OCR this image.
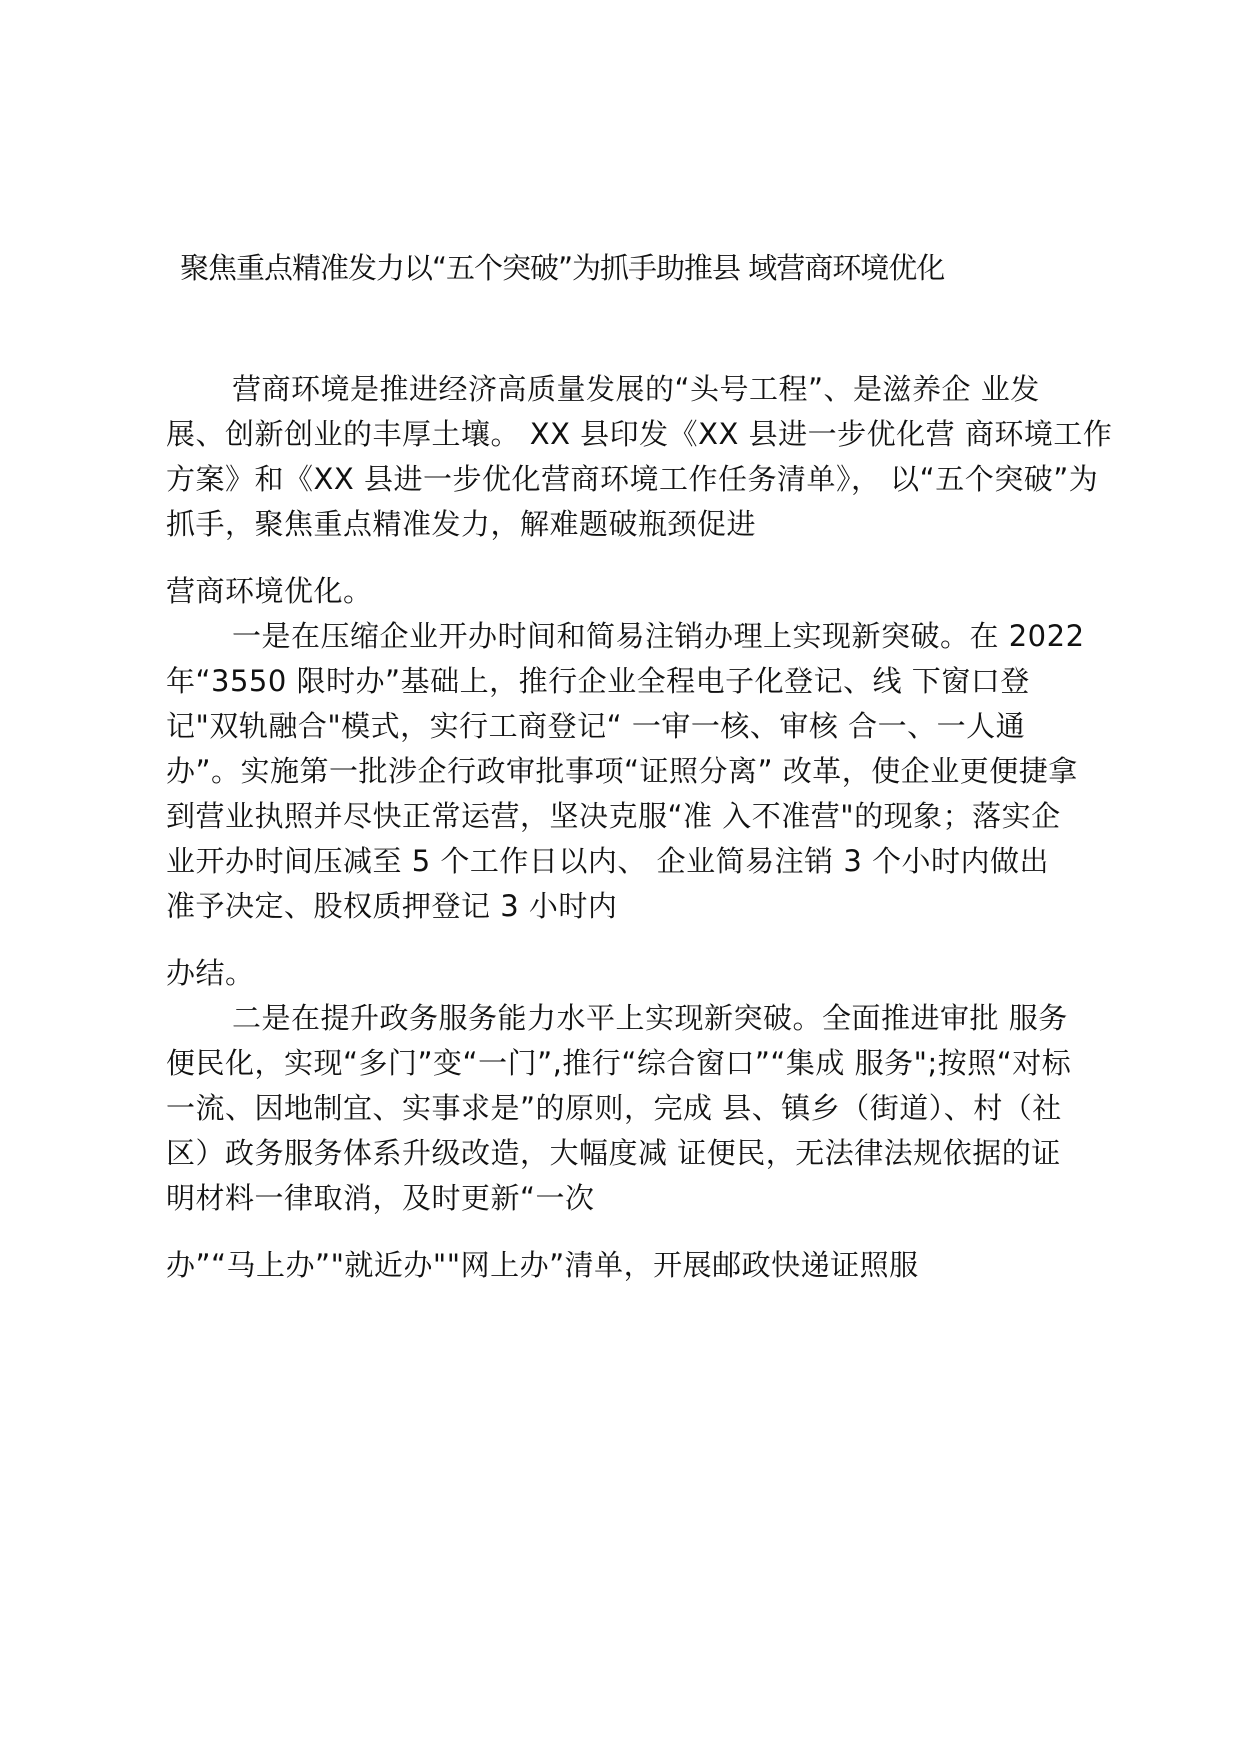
聚焦重点精准发力以“五个突破”为抓手助推县 域营商环境优化
营商环境是推进经济高质量发展的“头号工程”、是滋养企 业发
展、创新创业的丰厚土壤。 XX 县印发《XX 县进一步优化营 商环境工作
方案》和《XX 县进一步优化营商环境工作任务清单》， 以“五个突破”为
抓手，聚焦重点精准发力，解难题破瓶颈促进
营商环境优化。
一是在压缩企业开办时间和简易注销办理上实现新突破。在 2022
年“3550 限时办”基础上，推行企业全程电子化登记、线 下窗口登
记"双轨融合"模式，实行工商登记“ 一审一核、审核 合一、一人通
办”。实施第一批涉企行政审批事项“证照分离” 改革，使企业更便捷拿
到营业执照并尽快正常运营，坚决克服“准 入不准营"的现象；落实企
业开办时间压减至 5 个工作日以内、 企业简易注销 3 个小时内做出
准予决定、股权质押登记 3 小时内
办结。
二是在提升政务服务能力水平上实现新突破。全面推进审批 服务
便民化，实现“多门”变“一门”,推行“综合窗口”“集成 服务";按照“对标
一流、因地制宜、实事求是”的原则，完成 县、镇乡（街道）、村（社
区）政务服务体系升级改造，大幅度减 证便民，无法律法规依据的证
明材料一律取消，及时更新“一次
办”“马上办”"就近办""网上办”清单，开展邮政快递证照服
